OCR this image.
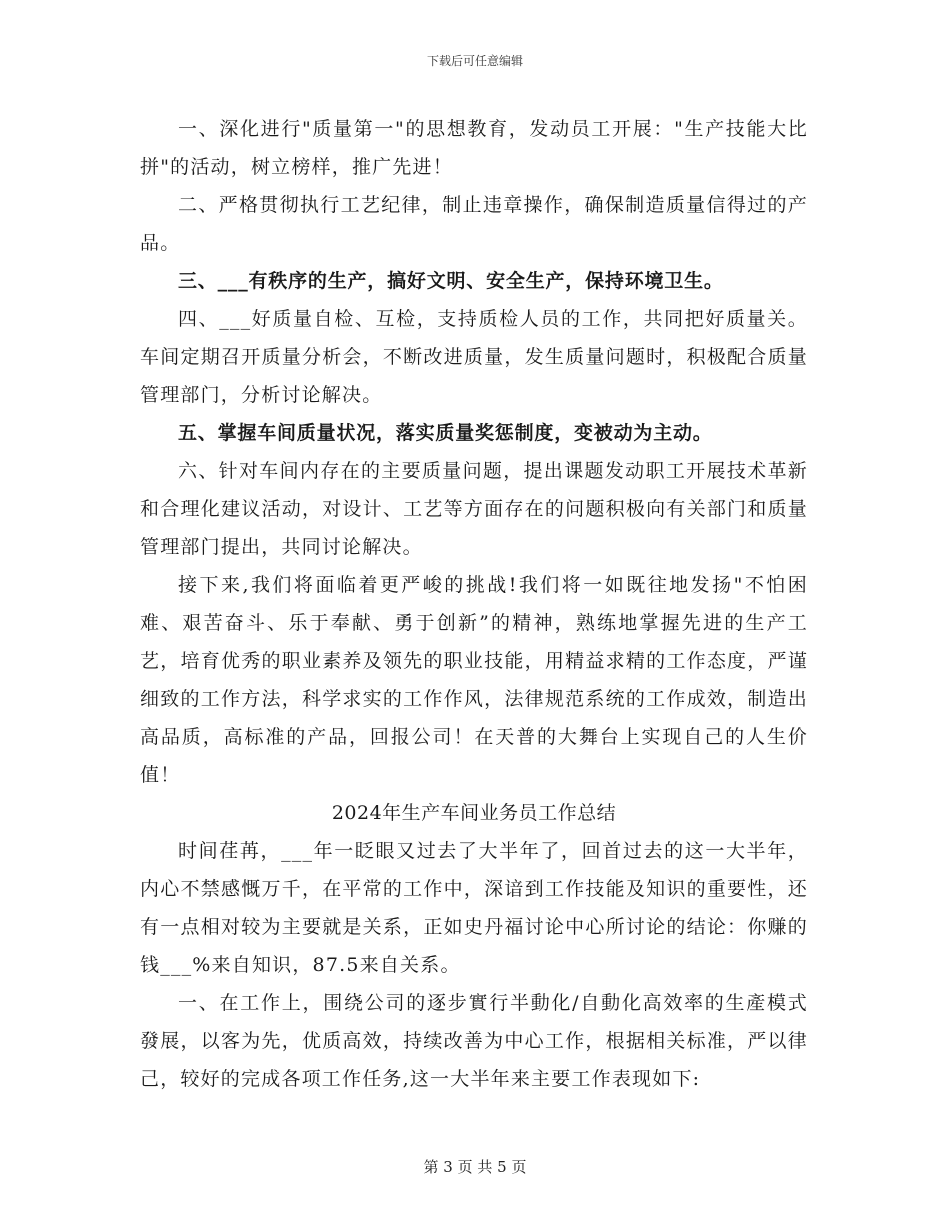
下载后可任意编辑

一、深化进行"质量第一"的思想教育，发动员工开展："生产技能大比拼"的活动，树立榜样，推广先进！

二、严格贯彻执行工艺纪律，制止违章操作，确保制造质量信得过的产品。

三、___有秩序的生产，搞好文明、安全生产，保持环境卫生。

四、___好质量自检、互检，支持质检人员的工作，共同把好质量关。车间定期召开质量分析会，不断改进质量，发生质量问题时，积极配合质量管理部门，分析讨论解决。

五、掌握车间质量状况，落实质量奖惩制度，变被动为主动。

六、针对车间内存在的主要质量问题，提出课题发动职工开展技术革新和合理化建议活动，对设计、工艺等方面存在的问题积极向有关部门和质量管理部门提出，共同讨论解决。

接下来,我们将面临着更严峻的挑战!我们将一如既往地发扬"不怕困难、艰苦奋斗、乐于奉献、勇于创新”的精神，熟练地掌握先进的生产工艺，培育优秀的职业素养及领先的职业技能，用精益求精的工作态度，严谨细致的工作方法，科学求实的工作作风，法律规范系统的工作成效，制造出高品质，高标准的产品，回报公司！在天普的大舞台上实现自己的人生价值！

2024年生产车间业务员工作总结

时间荏苒，___年一眨眼又过去了大半年了，回首过去的这一大半年，内心不禁感慨万千，在平常的工作中，深谙到工作技能及知识的重要性，还有一点相对较为主要就是关系，正如史丹福讨论中心所讨论的结论：你赚的钱___%来自知识，87.5来自关系。

一、在工作上，围绕公司的逐步實行半動化/自動化高效率的生產模式發展，以客为先，优质高效，持续改善为中心工作，根据相关标准，严以律己，较好的完成各项工作任务,这一大半年来主要工作表现如下:

第 3 页 共 5 页
